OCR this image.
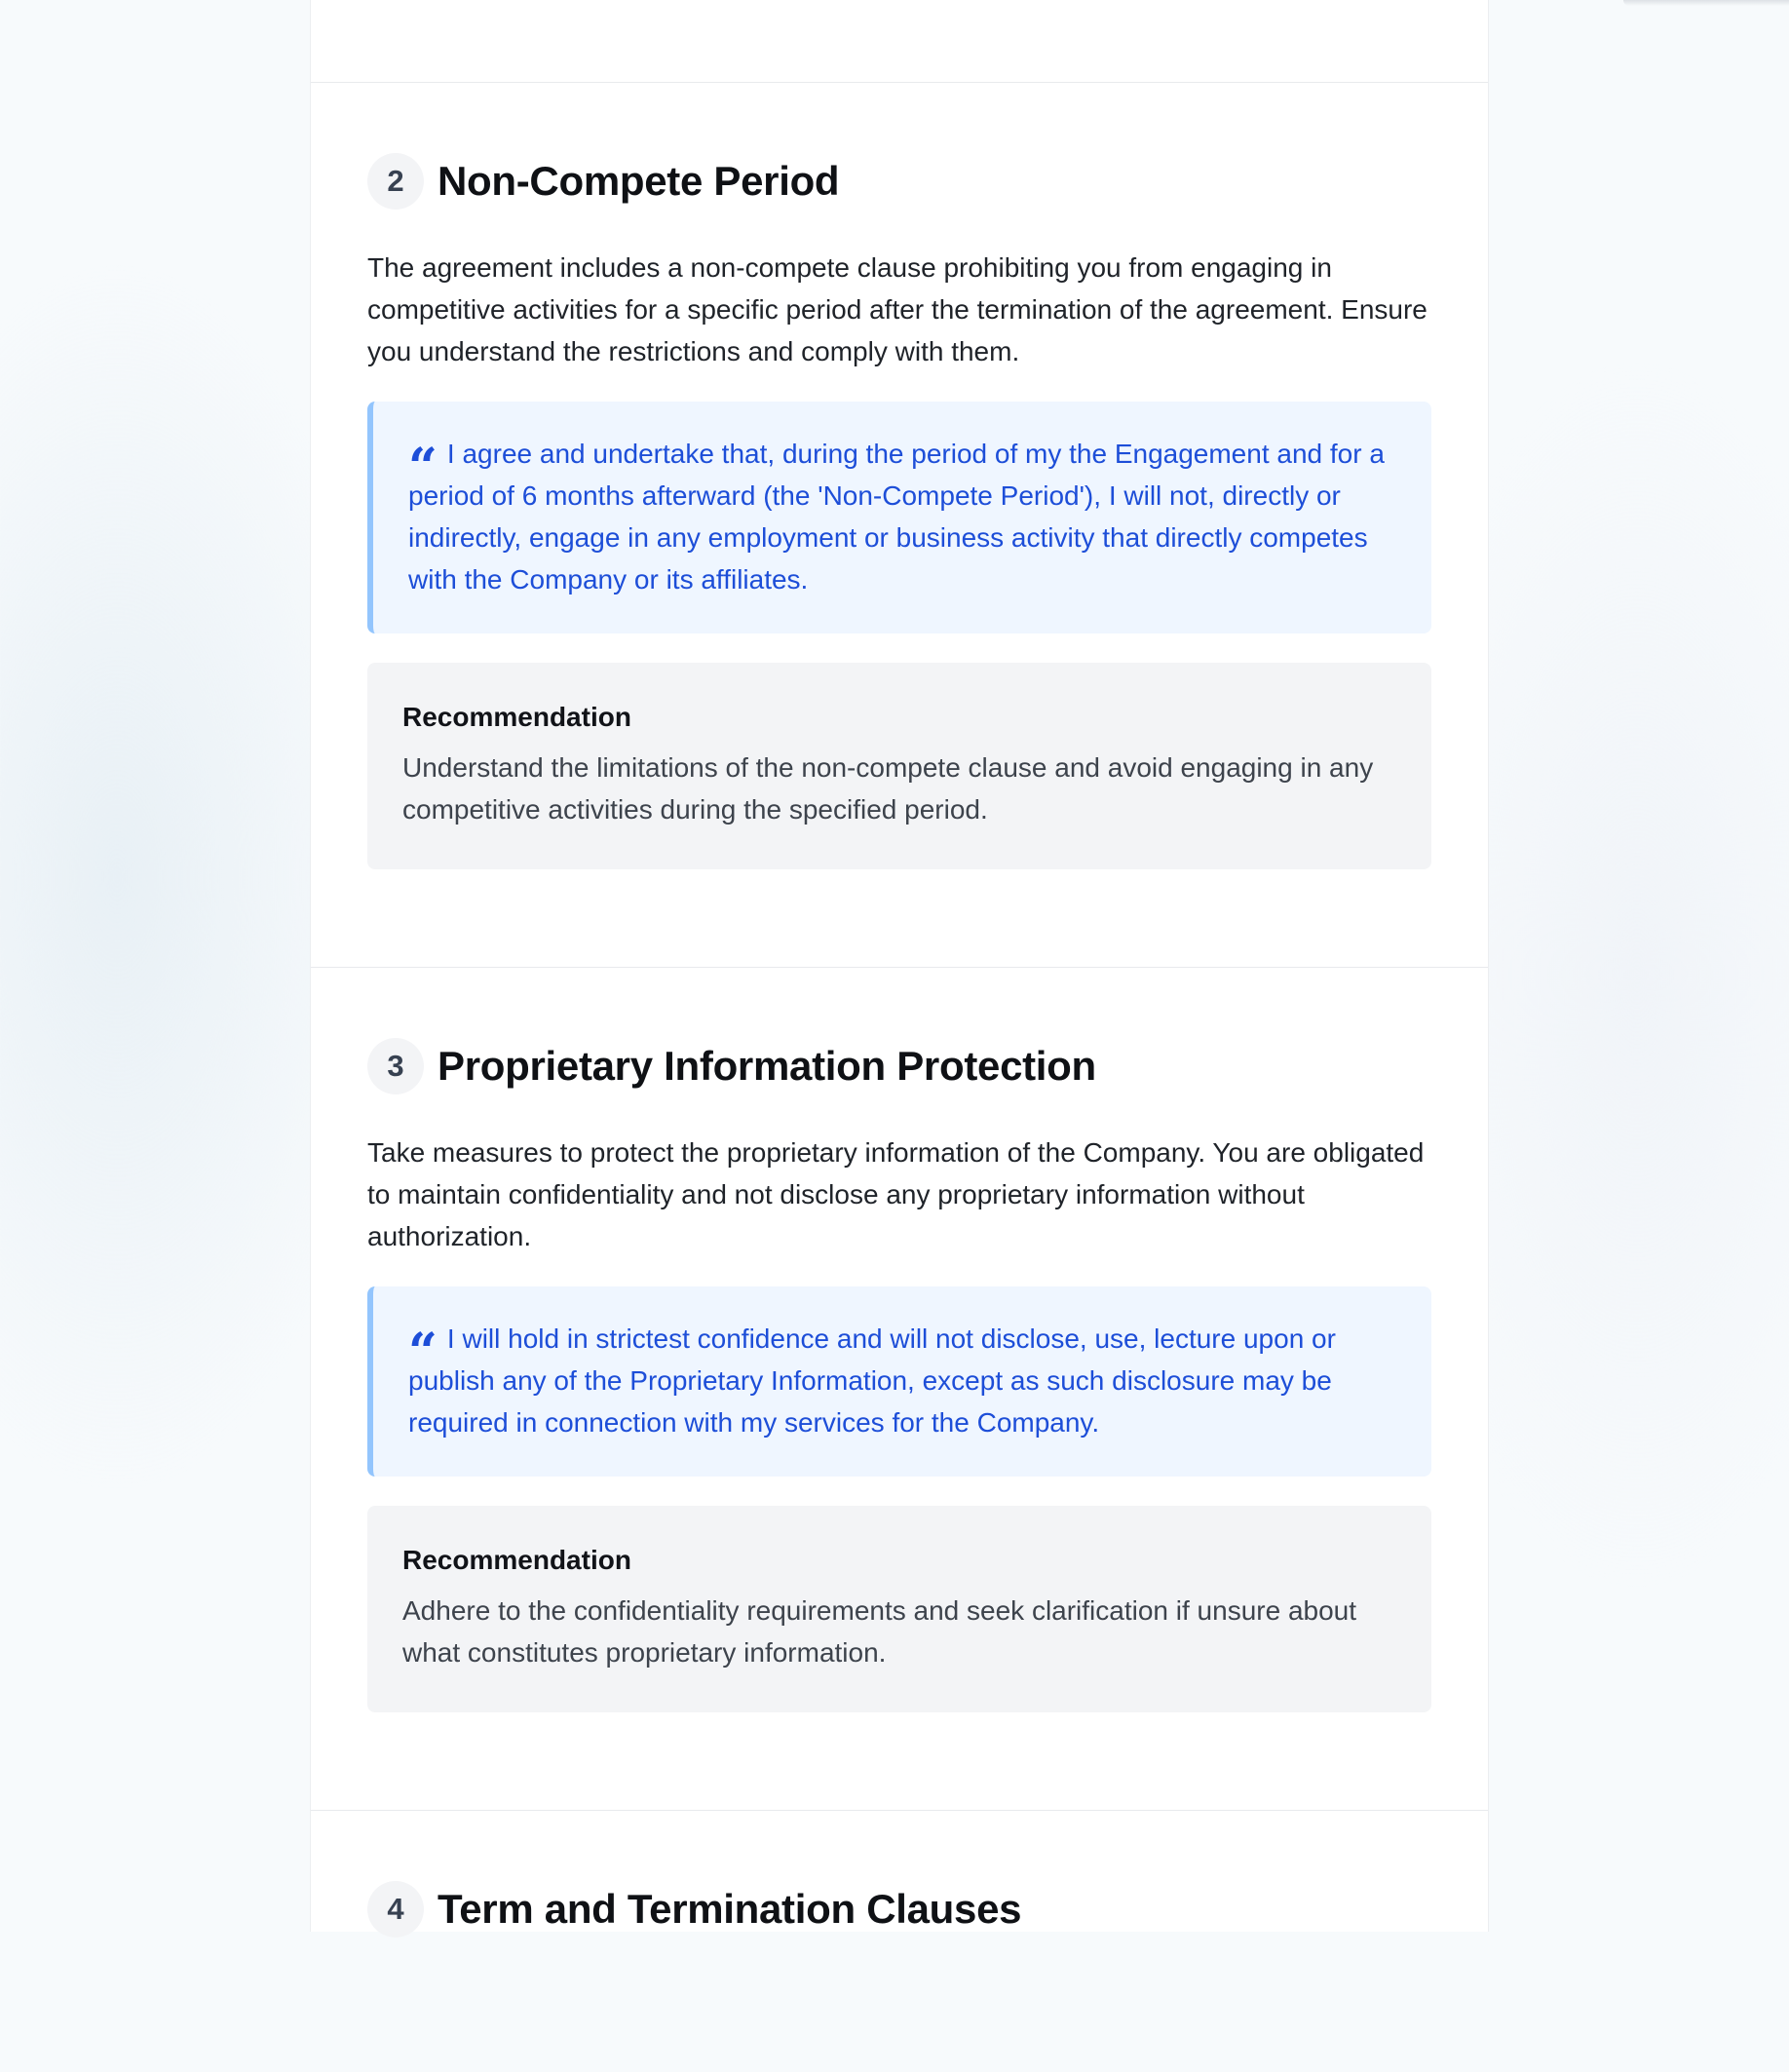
2 Non-Compete Period

The agreement includes a non-compete clause prohibiting you from engaging in competitive activities for a specific period after the termination of the agreement. Ensure you understand the restrictions and comply with them.

“ I agree and undertake that, during the period of my the Engagement and for a period of 6 months afterward (the 'Non-Compete Period'), I will not, directly or indirectly, engage in any employment or business activity that directly competes with the Company or its affiliates.

Recommendation

Understand the limitations of the non-compete clause and avoid engaging in any competitive activities during the specified period.

3 Proprietary Information Protection

Take measures to protect the proprietary information of the Company. You are obligated to maintain confidentiality and not disclose any proprietary information without authorization.

“ I will hold in strictest confidence and will not disclose, use, lecture upon or publish any of the Proprietary Information, except as such disclosure may be required in connection with my services for the Company.

Recommendation

Adhere to the confidentiality requirements and seek clarification if unsure about what constitutes proprietary information.

4 Term and Termination Clauses
